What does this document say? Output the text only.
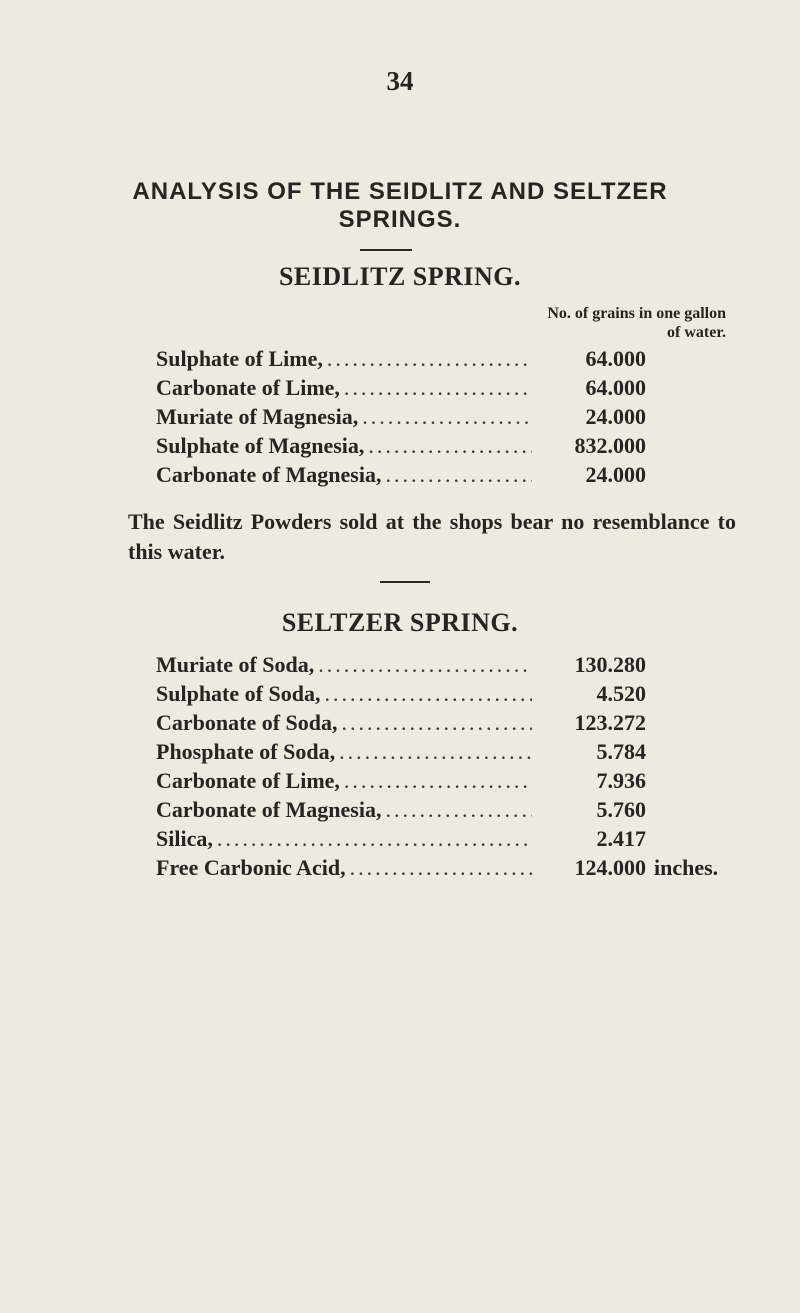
34
ANALYSIS OF THE SEIDLITZ AND SELTZER SPRINGS.
SEIDLITZ SPRING.
No. of grains in one gallon
of water.
Sulphate of Lime, .....	64.000
Carbonate of Lime, .....	64.000
Muriate of Magnesia, .....	24.000
Sulphate of Magnesia, .....	832.000
Carbonate of Magnesia, .....	24.000
The Seidlitz Powders sold at the shops bear no resemblance to this water.
SELTZER SPRING.
Muriate of Soda, .....	130.280
Sulphate of Soda, .....	4.520
Carbonate of Soda, .....	123.272
Phosphate of Soda, .....	5.784
Carbonate of Lime, .....	7.936
Carbonate of Magnesia, .....	5.760
Silica, .....	2.417
Free Carbonic Acid, .....	124.000 inches.
